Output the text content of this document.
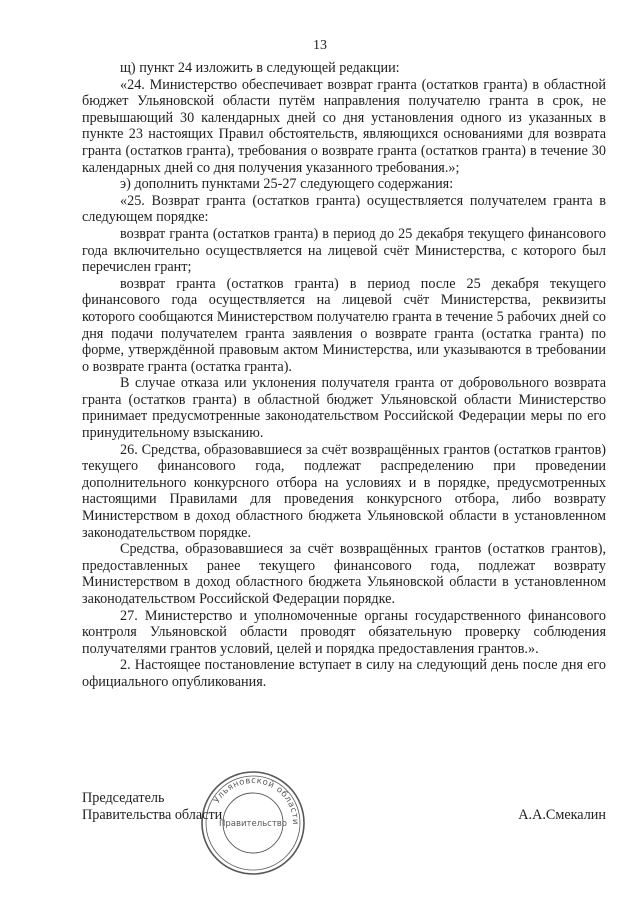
13

щ) пункт 24 изложить в следующей редакции:

«24. Министерство обеспечивает возврат гранта (остатков гранта) в областной бюджет Ульяновской области путём направления получателю гранта в срок, не превышающий 30 календарных дней со дня установления одного из указанных в пункте 23 настоящих Правил обстоятельств, являющихся основаниями для возврата гранта (остатков гранта), требования о возврате гранта (остатков гранта) в течение 30 календарных дней со дня получения указанного требования.»;

э) дополнить пунктами 25-27 следующего содержания:

«25. Возврат гранта (остатков гранта) осуществляется получателем гранта в следующем порядке:

возврат гранта (остатков гранта) в период до 25 декабря текущего финансового года включительно осуществляется на лицевой счёт Министерства, с которого был перечислен грант;

возврат гранта (остатков гранта) в период после 25 декабря текущего финансового года осуществляется на лицевой счёт Министерства, реквизиты которого сообщаются Министерством получателю гранта в течение 5 рабочих дней со дня подачи получателем гранта заявления о возврате гранта (остатка гранта) по форме, утверждённой правовым актом Министерства, или указываются в требовании о возврате гранта (остатка гранта).

В случае отказа или уклонения получателя гранта от добровольного возврата гранта (остатков гранта) в областной бюджет Ульяновской области Министерство принимает предусмотренные законодательством Российской Федерации меры по его принудительному взысканию.

26. Средства, образовавшиеся за счёт возвращённых грантов (остатков грантов) текущего финансового года, подлежат распределению при проведении дополнительного конкурсного отбора на условиях и в порядке, предусмотренных настоящими Правилами для проведения конкурсного отбора, либо возврату Министерством в доход областного бюджета Ульяновской области в установленном законодательством порядке.

Средства, образовавшиеся за счёт возвращённых грантов (остатков грантов), предоставленных ранее текущего финансового года, подлежат возврату Министерством в доход областного бюджета Ульяновской области в установленном законодательством Российской Федерации порядке.

27. Министерство и уполномоченные органы государственного финансового контроля Ульяновской области проводят обязательную проверку соблюдения получателями грантов условий, целей и порядка предоставления грантов.».

2. Настоящее постановление вступает в силу на следующий день после дня его официального опубликования.

Председатель
Правительства области	А.А.Смекалин
Ульяновской области
Правительство
